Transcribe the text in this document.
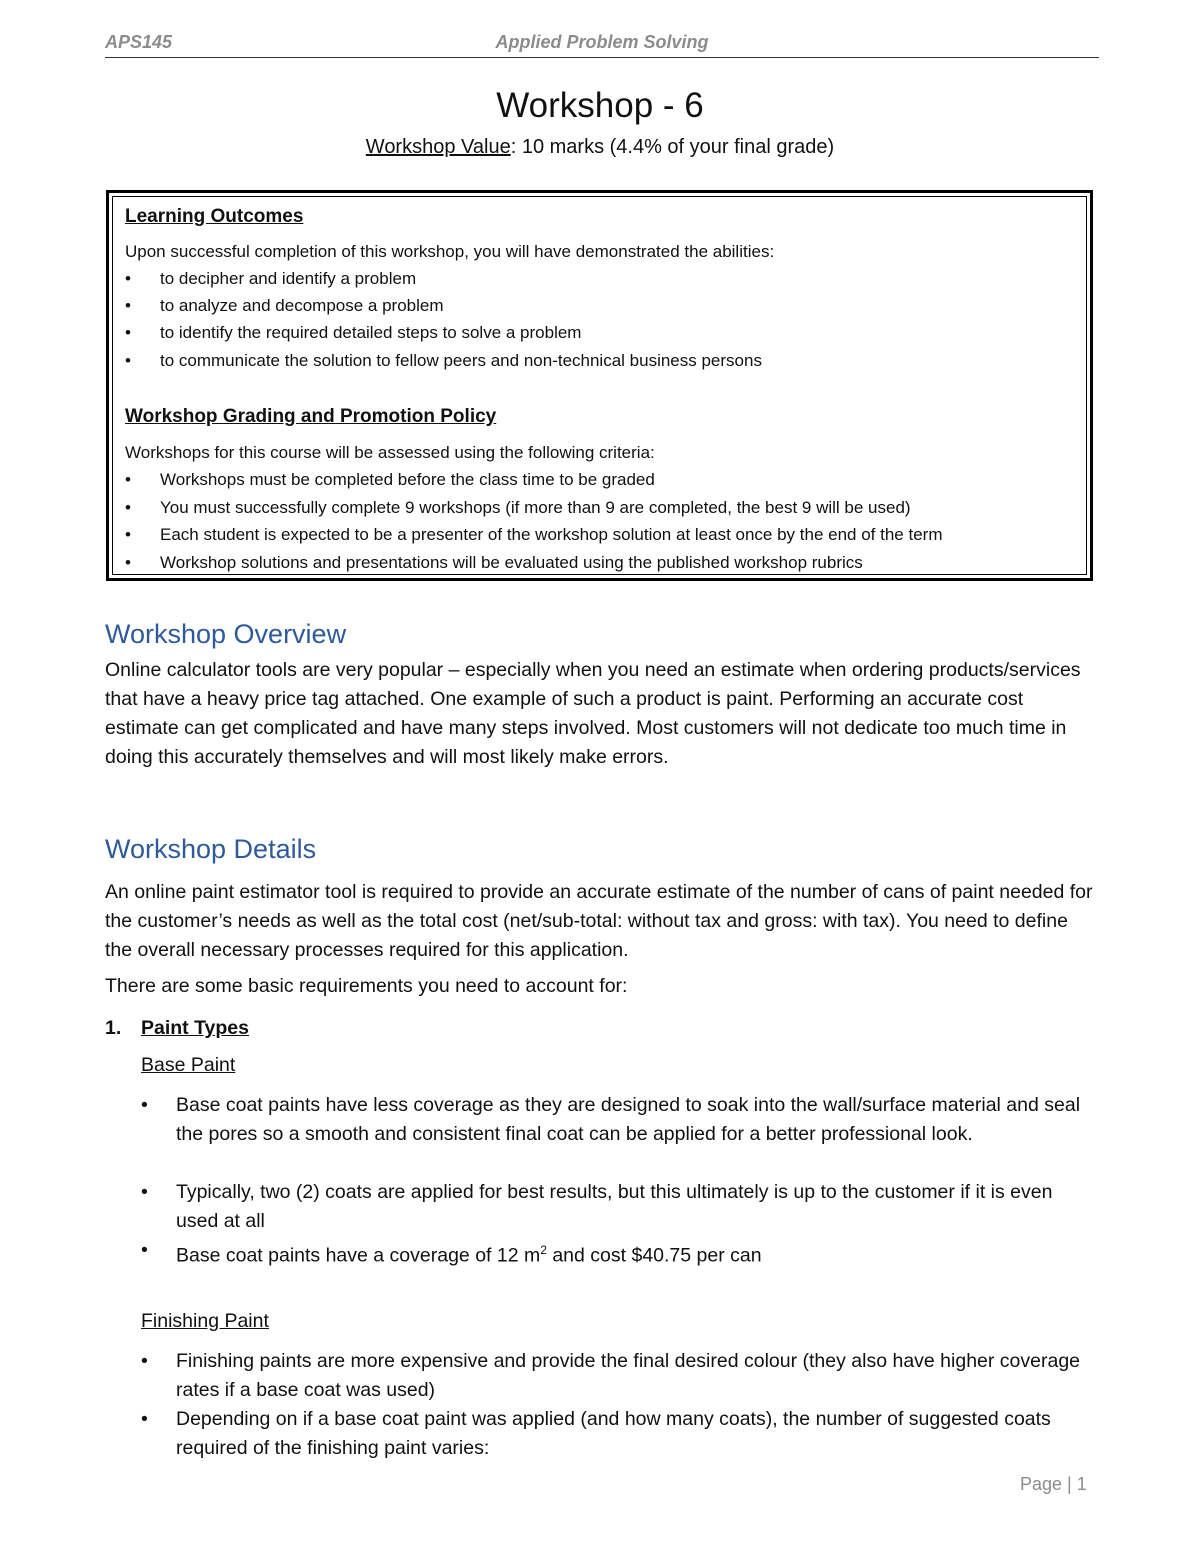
APS145	Applied Problem Solving
Workshop - 6
Workshop Value: 10 marks (4.4% of your final grade)
Learning Outcomes
Upon successful completion of this workshop, you will have demonstrated the abilities:
• to decipher and identify a problem
• to analyze and decompose a problem
• to identify the required detailed steps to solve a problem
• to communicate the solution to fellow peers and non-technical business persons
Workshop Grading and Promotion Policy
Workshops for this course will be assessed using the following criteria:
• Workshops must be completed before the class time to be graded
• You must successfully complete 9 workshops (if more than 9 are completed, the best 9 will be used)
• Each student is expected to be a presenter of the workshop solution at least once by the end of the term
• Workshop solutions and presentations will be evaluated using the published workshop rubrics
Workshop Overview
Online calculator tools are very popular – especially when you need an estimate when ordering products/services that have a heavy price tag attached. One example of such a product is paint. Performing an accurate cost estimate can get complicated and have many steps involved. Most customers will not dedicate too much time in doing this accurately themselves and will most likely make errors.
Workshop Details
An online paint estimator tool is required to provide an accurate estimate of the number of cans of paint needed for the customer’s needs as well as the total cost (net/sub-total: without tax and gross: with tax). You need to define the overall necessary processes required for this application.
There are some basic requirements you need to account for:
1. Paint Types
Base Paint
• Base coat paints have less coverage as they are designed to soak into the wall/surface material and seal the pores so a smooth and consistent final coat can be applied for a better professional look.
• Typically, two (2) coats are applied for best results, but this ultimately is up to the customer if it is even used at all
• Base coat paints have a coverage of 12 $m^2$ and cost $40.75 per can
Finishing Paint
• Finishing paints are more expensive and provide the final desired colour (they also have higher coverage rates if a base coat was used)
• Depending on if a base coat paint was applied (and how many coats), the number of suggested coats required of the finishing paint varies:
Page | 1
